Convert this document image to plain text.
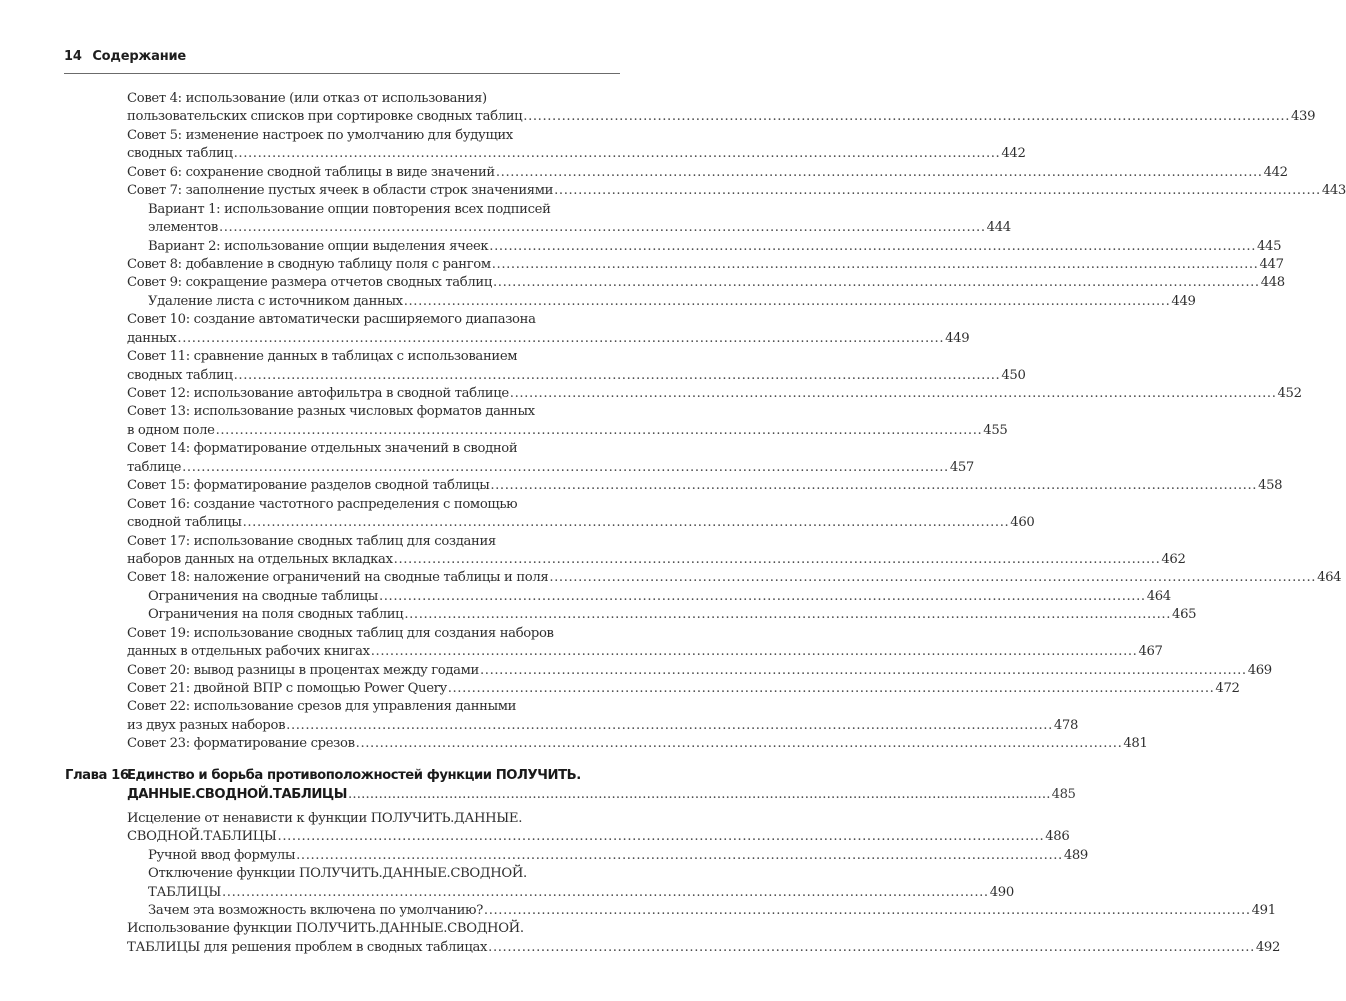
14 Содержание
Совет 4: использование (или отказ от использования)
пользовательских списков при сортировке сводных таблиц .....	439
Совет 5: изменение настроек по умолчанию для будущих
сводных таблиц .....	442
Совет 6: сохранение сводной таблицы в виде значений .....	442
Совет 7: заполнение пустых ячеек в области строк значениями .....	443
Вариант 1: использование опции повторения всех подписей
элементов .....	444
Вариант 2: использование опции выделения ячеек .....	445
Совет 8: добавление в сводную таблицу поля с рангом .....	447
Совет 9: сокращение размера отчетов сводных таблиц .....	448
Удаление листа с источником данных .....	449
Совет 10: создание автоматически расширяемого диапазона
данных .....	449
Совет 11: сравнение данных в таблицах с использованием
сводных таблиц .....	450
Совет 12: использование автофильтра в сводной таблице .....	452
Совет 13: использование разных числовых форматов данных
в одном поле .....	455
Совет 14: форматирование отдельных значений в сводной
таблице .....	457
Совет 15: форматирование разделов сводной таблицы .....	458
Совет 16: создание частотного распределения с помощью
сводной таблицы .....	460
Совет 17: использование сводных таблиц для создания
наборов данных на отдельных вкладках .....	462
Совет 18: наложение ограничений на сводные таблицы и поля .....	464
Ограничения на сводные таблицы .....	464
Ограничения на поля сводных таблиц .....	465
Совет 19: использование сводных таблиц для создания наборов
данных в отдельных рабочих книгах .....	467
Совет 20: вывод разницы в процентах между годами .....	469
Совет 21: двойной ВПР с помощью Power Query .....	472
Совет 22: использование срезов для управления данными
из двух разных наборов .....	478
Совет 23: форматирование срезов .....	481
Глава 16
Единство и борьба противоположностей функции ПОЛУЧИТЬ.
ДАННЫЕ.СВОДНОЙ.ТАБЛИЦЫ .....	485
Исцеление от ненависти к функции ПОЛУЧИТЬ.ДАННЫЕ.
СВОДНОЙ.ТАБЛИЦЫ .....	486
Ручной ввод формулы .....	489
Отключение функции ПОЛУЧИТЬ.ДАННЫЕ.СВОДНОЙ.
ТАБЛИЦЫ .....	490
Зачем эта возможность включена по умолчанию? .....	491
Использование функции ПОЛУЧИТЬ.ДАННЫЕ.СВОДНОЙ.
ТАБЛИЦЫ для решения проблем в сводных таблицах .....	492
